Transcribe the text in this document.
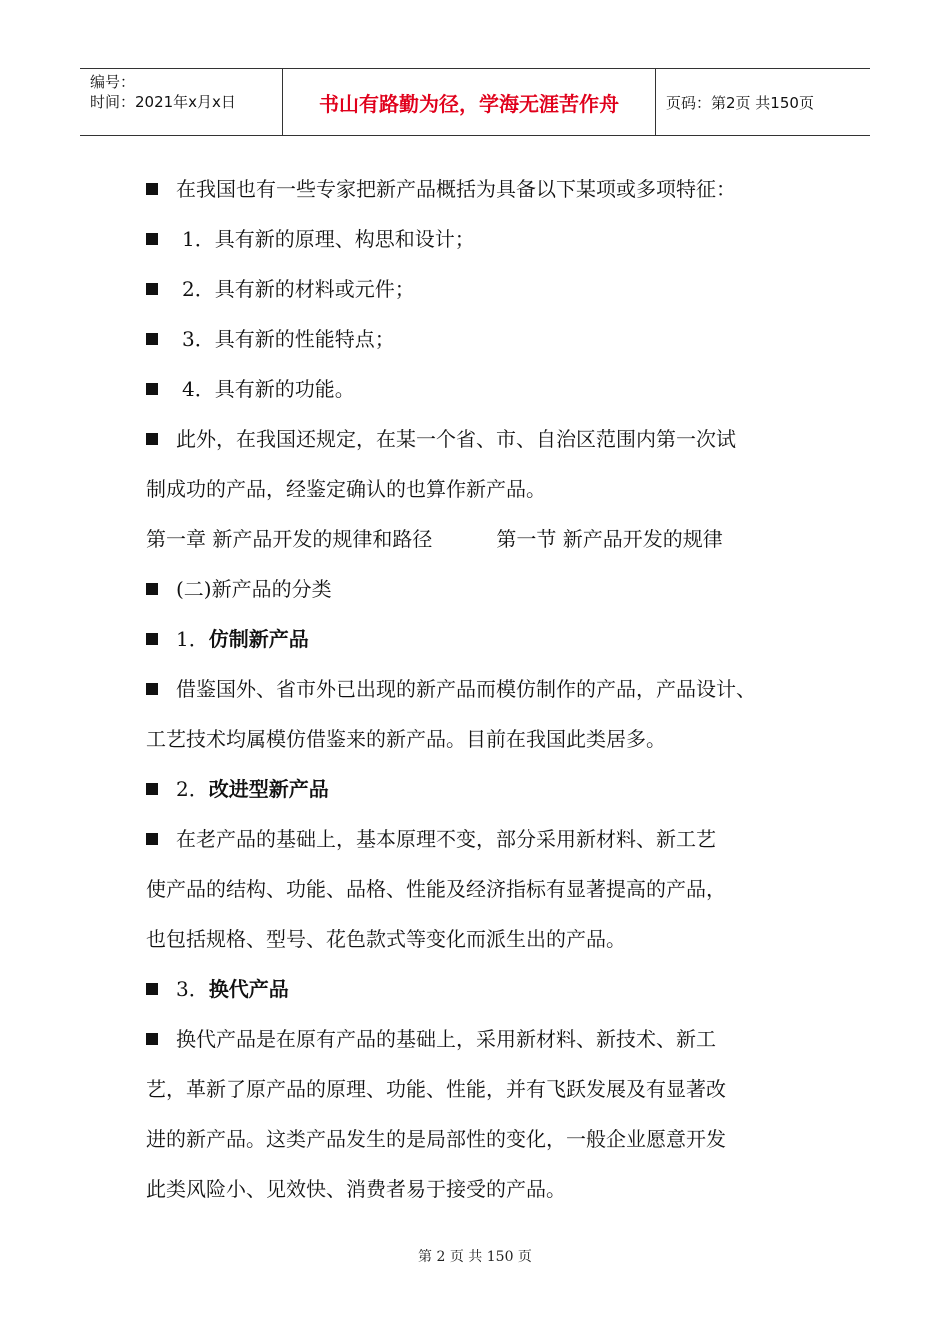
编号：
时间：2021年x月x日	书山有路勤为径，学海无涯苦作舟	页码：第2页 共150页
在我国也有一些专家把新产品概括为具备以下某项或多项特征：
1．具有新的原理、构思和设计；
2．具有新的材料或元件；
3．具有新的性能特点；
4．具有新的功能。
此外，在我国还规定，在某一个省、市、自治区范围内第一次试
制成功的产品，经鉴定确认的也算作新产品。
第一章 新产品开发的规律和路径	第一节 新产品开发的规律
(二)新产品的分类
1．仿制新产品
借鉴国外、省市外已出现的新产品而模仿制作的产品，产品设计、
工艺技术均属模仿借鉴来的新产品。目前在我国此类居多。
2．改进型新产品
在老产品的基础上，基本原理不变，部分采用新材料、新工艺
使产品的结构、功能、品格、性能及经济指标有显著提高的产品，
也包括规格、型号、花色款式等变化而派生出的产品。
3．换代产品
换代产品是在原有产品的基础上，采用新材料、新技术、新工
艺，革新了原产品的原理、功能、性能，并有飞跃发展及有显著改
进的新产品。这类产品发生的是局部性的变化，一般企业愿意开发
此类风险小、见效快、消费者易于接受的产品。
第 2 页 共 150 页
